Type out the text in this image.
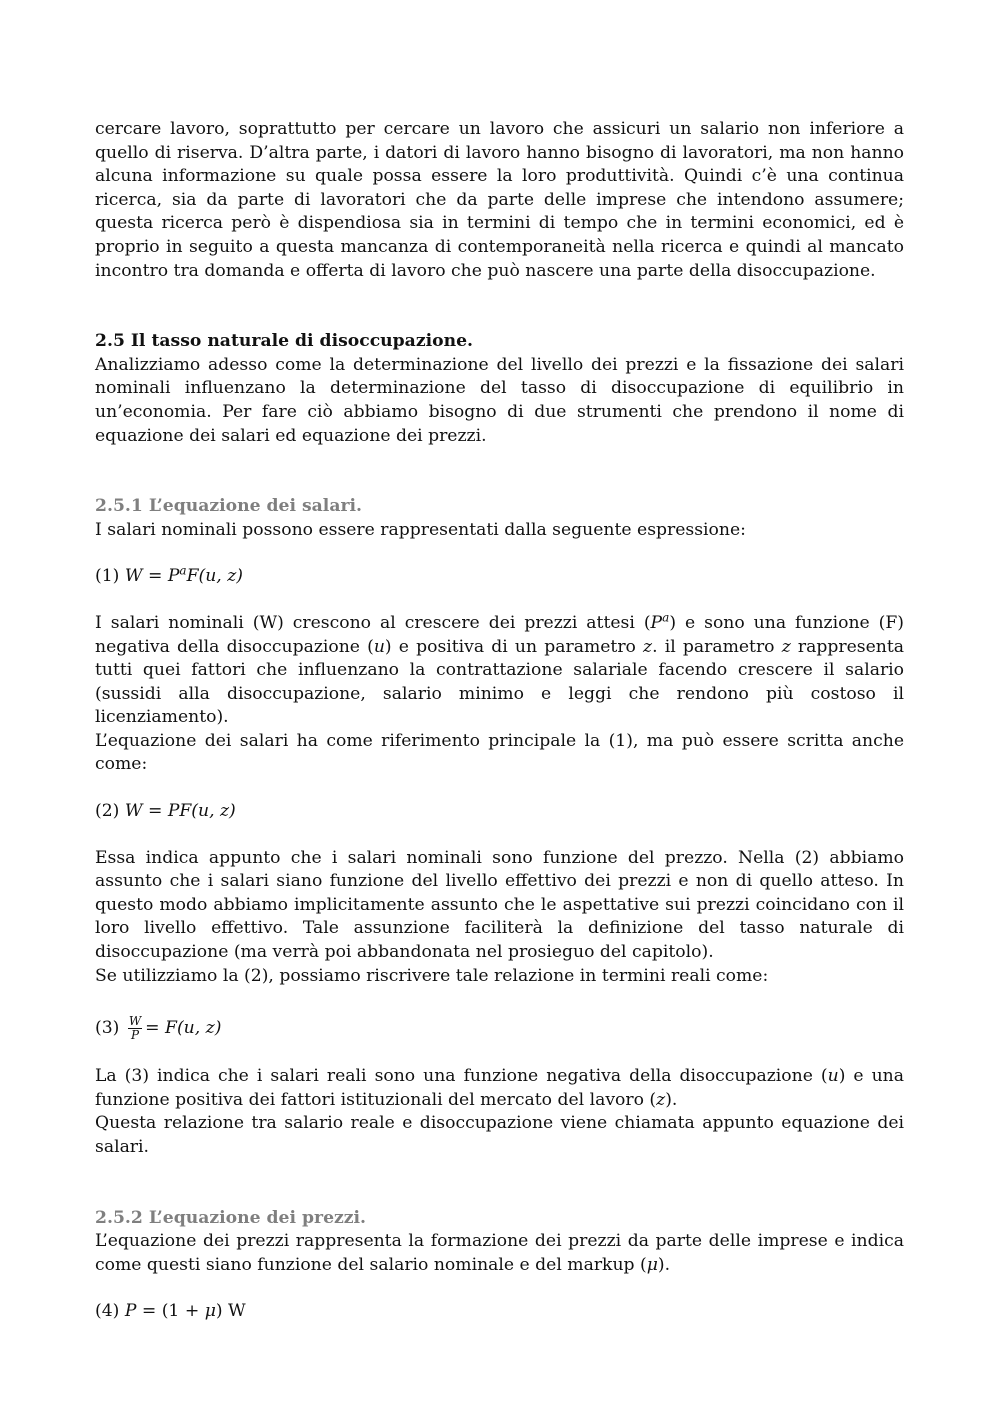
cercare lavoro, soprattutto per cercare un lavoro che assicuri un salario non inferiore a quello di riserva. D’altra parte, i datori di lavoro hanno bisogno di lavoratori, ma non hanno alcuna informazione su quale possa essere la loro produttività. Quindi c’è una continua ricerca, sia da parte di lavoratori che da parte delle imprese che intendono assumere; questa ricerca però è dispendiosa sia in termini di tempo che in termini economici, ed è proprio in seguito a questa mancanza di contemporaneità nella ricerca e quindi al mancato incontro tra domanda e offerta di lavoro che può nascere una parte della disoccupazione.

2.5 Il tasso naturale di disoccupazione.

Analizziamo adesso come la determinazione del livello dei prezzi e la fissazione dei salari nominali influenzano la determinazione del tasso di disoccupazione di equilibrio in un’economia. Per fare ciò abbiamo bisogno di due strumenti che prendono il nome di equazione dei salari ed equazione dei prezzi.

2.5.1 L’equazione dei salari.

I salari nominali possono essere rappresentati dalla seguente espressione:

(1) $W = P^aF(u$, z)

I salari nominali (W) crescono al crescere dei prezzi attesi $(P^a)$ e sono una funzione (F) negativa della disoccupazione (u) e positiva di un parametro z. il parametro z rappresenta tutti quei fattori che influenzano la contrattazione salariale facendo crescere il salario (sussidi alla disoccupazione, salario minimo e leggi che rendono più costoso il licenziamento).

L’equazione dei salari ha come riferimento principale la (1), ma può essere scritta anche come:

(2) W = PF(u, z)

Essa indica appunto che i salari nominali sono funzione del prezzo. Nella (2) abbiamo assunto che i salari siano funzione del livello effettivo dei prezzi e non di quello atteso. In questo modo abbiamo implicitamente assunto che le aspettative sui prezzi coincidano con il loro livello effettivo. Tale assunzione faciliterà la definizione del tasso naturale di disoccupazione (ma verrà poi abbandonata nel prosieguo del capitolo).

Se utilizziamo la (2), possiamo riscrivere tale relazione in termini reali come:

$(3) \frac{W}{P} = F(u$, z)

La (3) indica che i salari reali sono una funzione negativa della disoccupazione (u) e una funzione positiva dei fattori istituzionali del mercato del lavoro (z).

Questa relazione tra salario reale e disoccupazione viene chiamata appunto equazione dei salari.

2.5.2 L’equazione dei prezzi.

L’equazione dei prezzi rappresenta la formazione dei prezzi da parte delle imprese e indica come questi siano funzione del salario nominale e del markup (μ).

(4) P = (1 + μ) W
